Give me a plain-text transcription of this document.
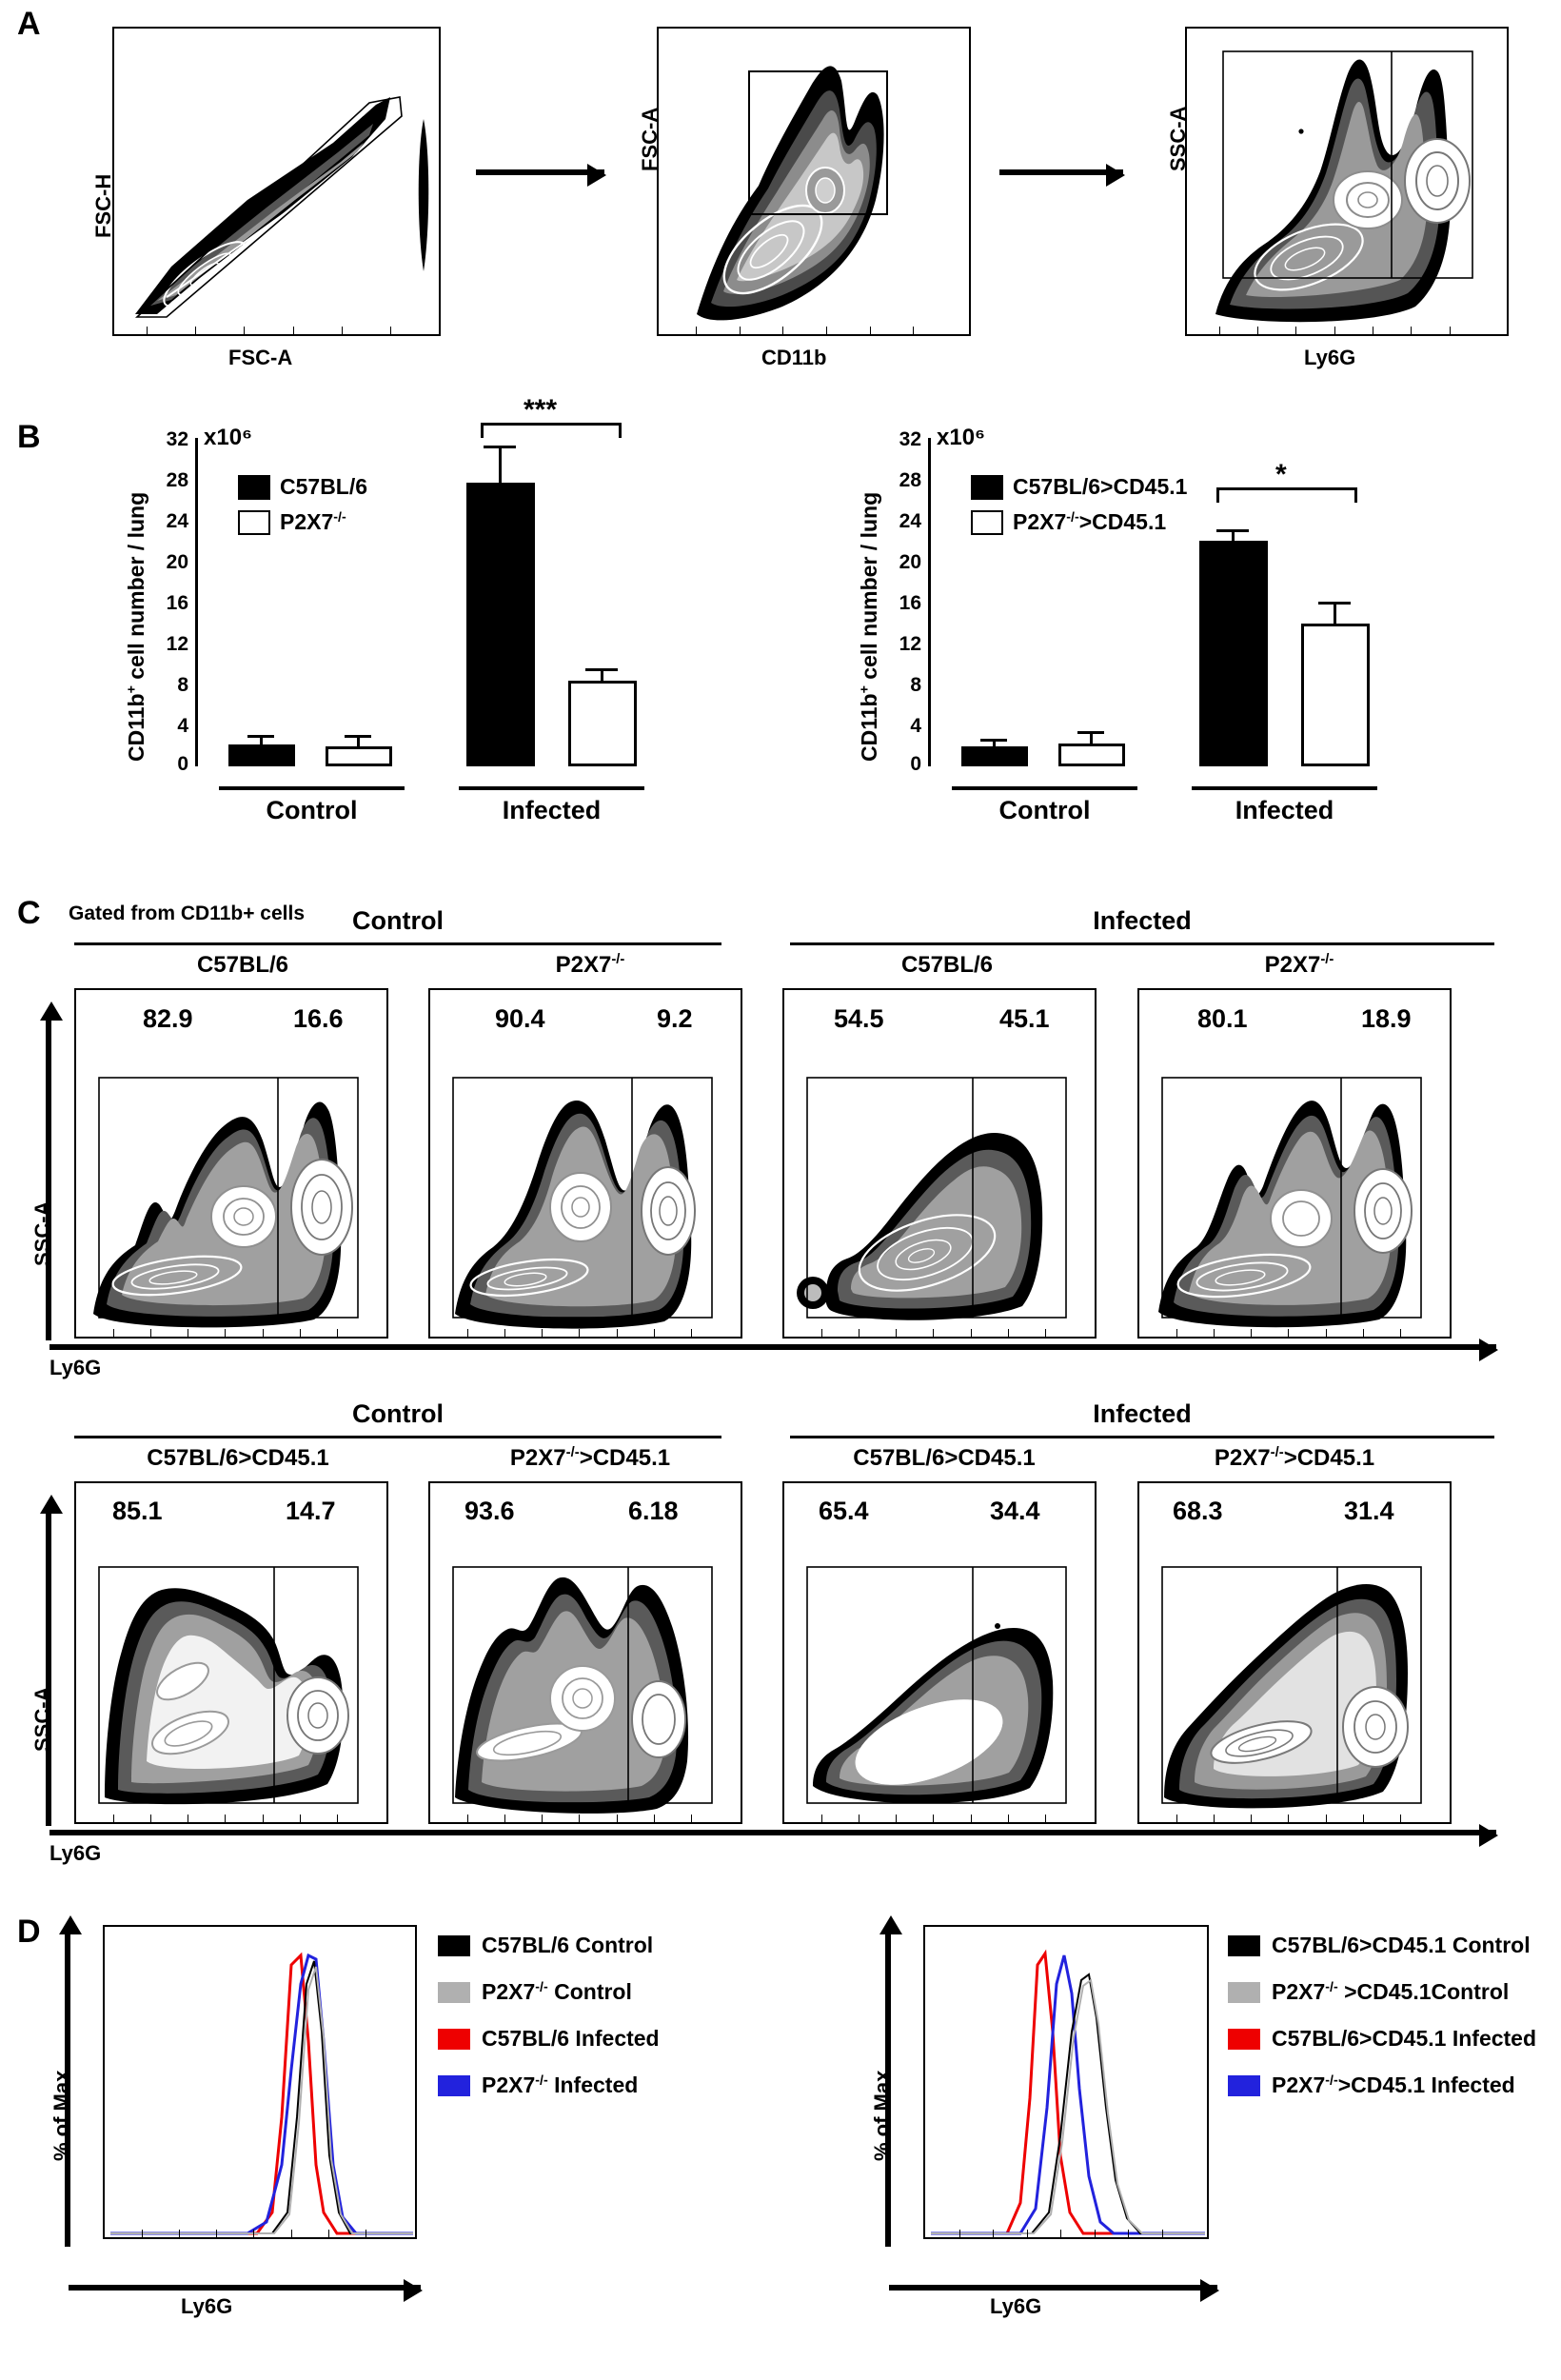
A
FSC-H
FSC-A
FSC-A
CD11b
SSC-A
Ly6G
B	32
28
24
20
16
12
8
4
0
x10⁶
CD11b+ cell number / lung
C57BL/6
P2X7-/-
***
Control	Infected
32
28
24
20
16
12
8
4
0
x10⁶
CD11b+ cell number / lung
C57BL/6>CD45.1
P2X7-/->CD45.1
*
Control	Infected
C Gated from CD11b+ cells	Control	Infected
C57BL/6	P2X7-/-	C57BL/6	P2X7-/-
SSC-A
Ly6G
82.9	16.6	90.4	9.2	54.5	45.1	80.1	18.9
Control	Infected
C57BL/6>CD45.1	P2X7-/->CD45.1	C57BL/6>CD45.1	P2X7-/->CD45.1
SSC-A
Ly6G
85.1	14.7	93.6	6.18	65.4	34.4	68.3	31.4
D
% of Max
Ly6G
C57BL/6 Control
P2X7-/- Control
C57BL/6 Infected
P2X7-/- Infected	% of Max
Ly6G
C57BL/6>CD45.1 Control
P2X7-/- >CD45.1Control
C57BL/6>CD45.1 Infected
P2X7-/->CD45.1 Infected
